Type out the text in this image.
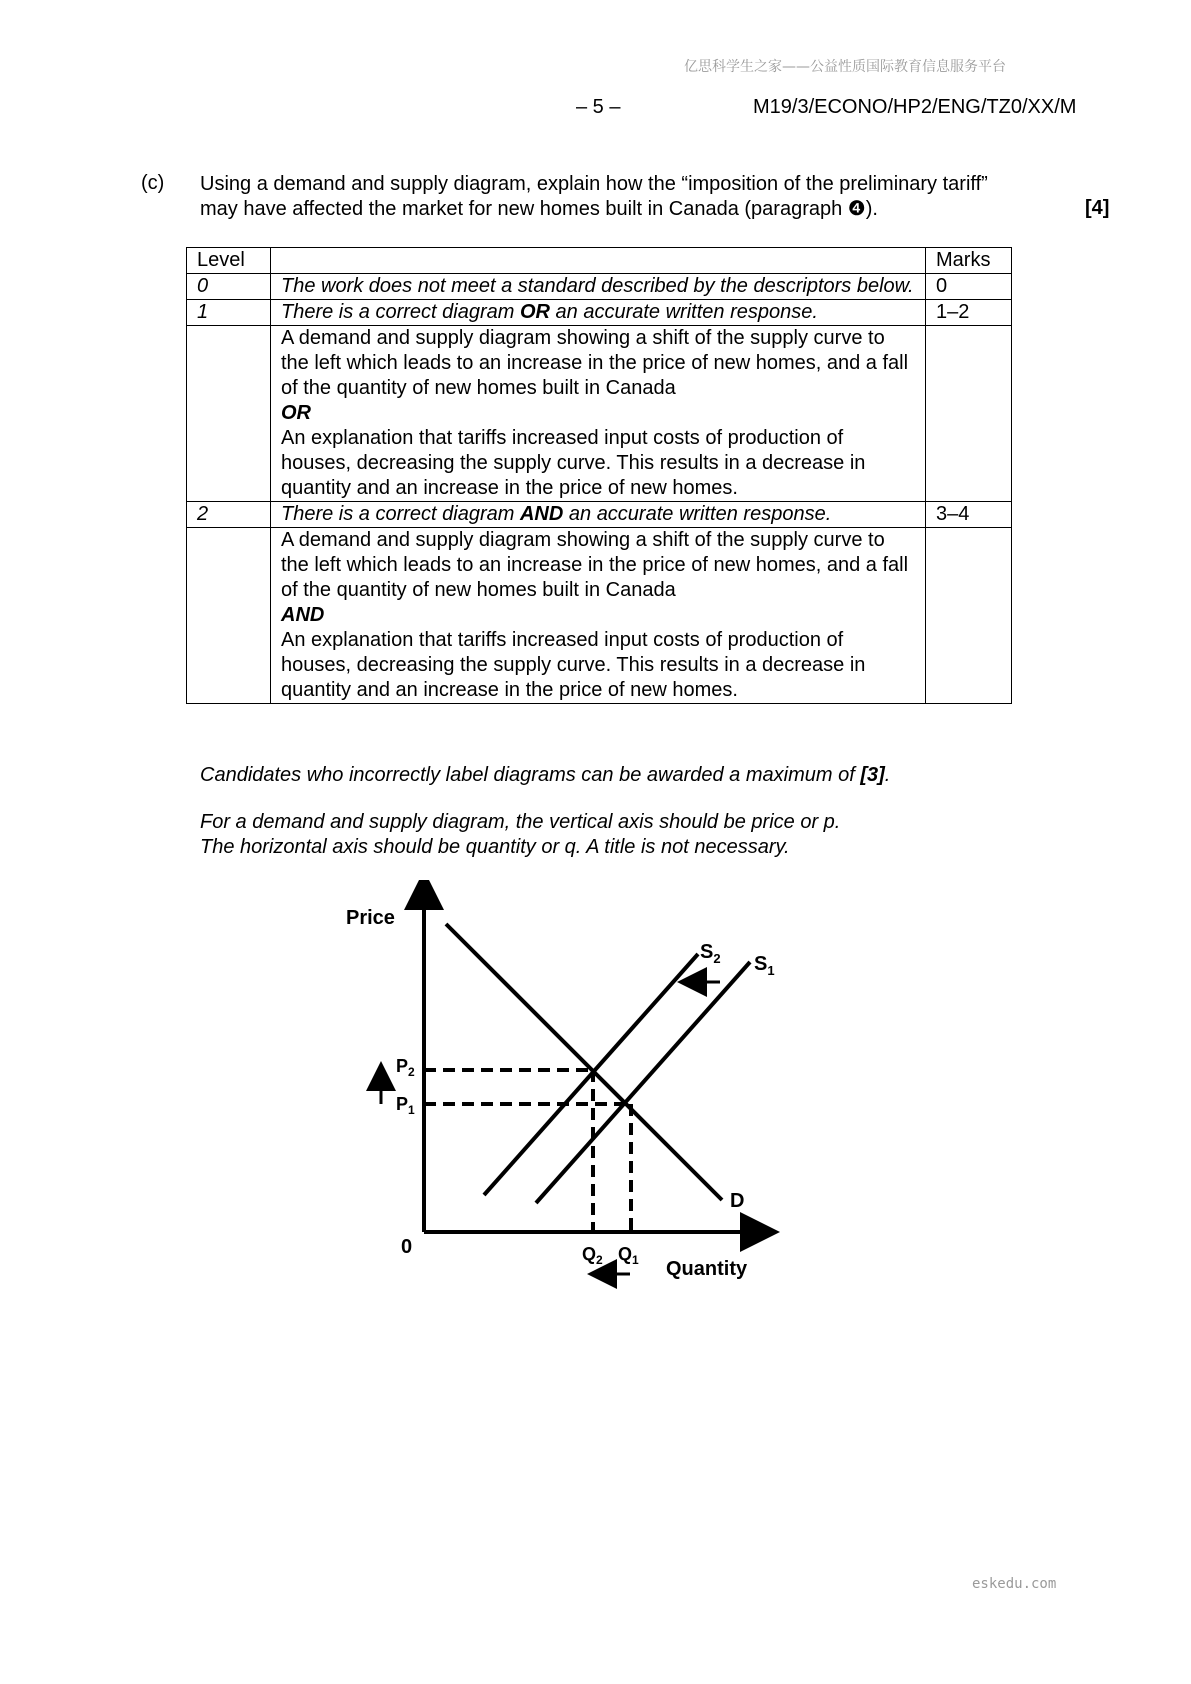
亿思科学生之家——公益性质国际教育信息服务平台
– 5 –	M19/3/ECONO/HP2/ENG/TZ0/XX/M
(c) Using a demand and supply diagram, explain how the “imposition of the preliminary tariff”
may have affected the market for new homes built in Canada (paragraph ❹).	[4]
Level		Marks
0	The work does not meet a standard described by the descriptors below.	0
1	There is a correct diagram OR an accurate written response.	1–2

	A demand and supply diagram showing a shift of the supply curve to the left which leads to an increase in the price of new homes, and a fall of the quantity of new homes built in Canada
OR
An explanation that tariffs increased input costs of production of houses, decreasing the supply curve. This results in a decrease in quantity and an increase in the price of new homes.	

2	There is a correct diagram AND an accurate written response.	3–4

	A demand and supply diagram showing a shift of the supply curve to the left which leads to an increase in the price of new homes, and a fall of the quantity of new homes built in Canada
AND
An explanation that tariffs increased input costs of production of houses, decreasing the supply curve. This results in a decrease in quantity and an increase in the price of new homes.	

Candidates who incorrectly label diagrams can be awarded a maximum of [3].
For a demand and supply diagram, the vertical axis should be price or p.
The horizontal axis should be quantity or q. A title is not necessary.
Price
Quantity
0
D
$S_1$
$S_2$
$P_2$
$P_1$
$Q_2$ $Q_1$
eskedu.com
